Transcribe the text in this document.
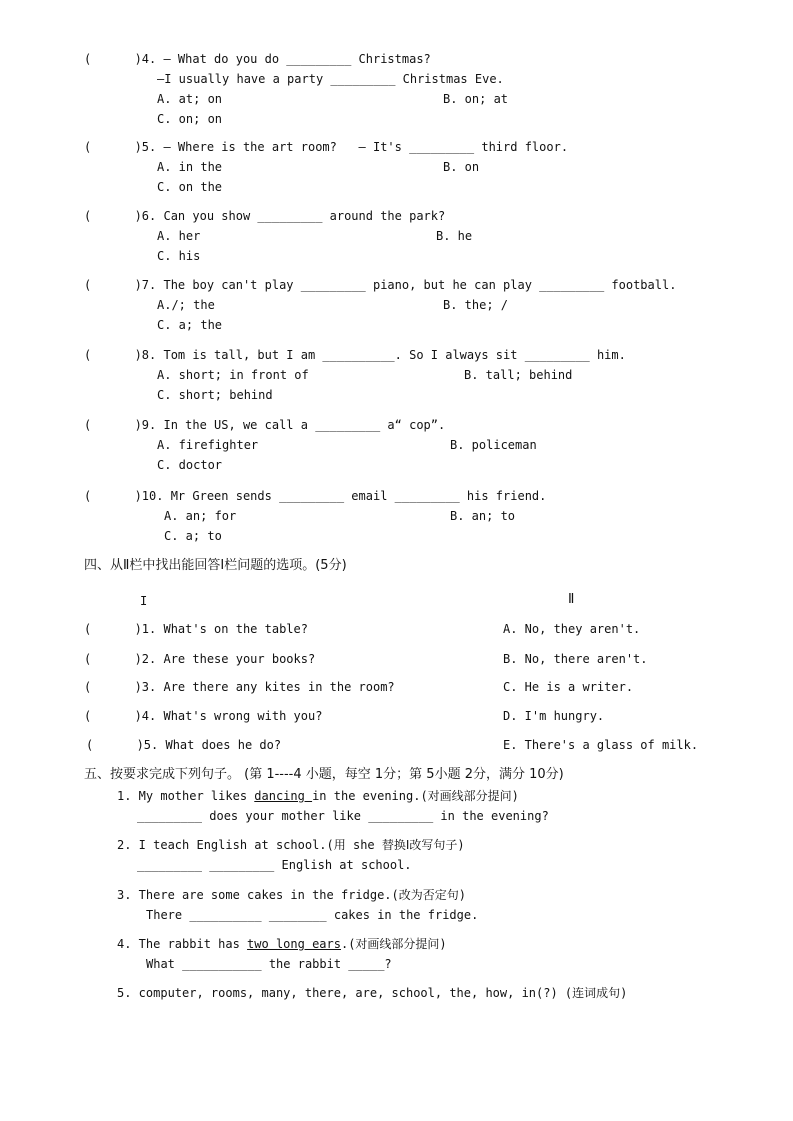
(      )4. — What do you do _________ Christmas?
—I usually have a party _________ Christmas Eve.
A. at; on	B. on; at
C. on; on
(      )5. — Where is the art room?   — It's _________ third floor.
A. in the	B. on
C. on the
(      )6. Can you show _________ around the park?
A. her	B. he
C. his
(      )7. The boy can't play _________ piano, but he can play _________ football.
A./; the	B. the; /
C. a; the
(      )8. Tom is tall, but I am __________. So I always sit _________ him.
A. short; in front of	B. tall; behind
C. short; behind
(      )9. In the US, we call a _________ a“ cop”.
A. firefighter	B. policeman
C. doctor
(      )10. Mr Green sends _________ email _________ his friend.
A. an; for	B. an; to
C. a; to
四、从Ⅱ栏中找出能回答Ⅰ栏问题的选项。(5分)
I	Ⅱ
(      )1. What's on the table?	A. No, they aren't.
(      )2. Are these your books?	B. No, there aren't.
(      )3. Are there any kites in the room?	C. He is a writer.
(      )4. What's wrong with you?	D. I'm hungry.
(      )5. What does he do?	E. There's a glass of milk.
五、按要求完成下列句子。 (第 1----4 小题，每空 1分；第 5小题 2分，满分 10分)
1. My mother likes dancing in the evening.(对画线部分提问)
_________ does your mother like _________ in the evening?
2. I teach English at school.(用 she 替换Ⅰ改写句子)
_________ _________ English at school.
3. There are some cakes in the fridge.(改为否定句)
There __________ ________ cakes in the fridge.
4. The rabbit has two long ears.(对画线部分提问)
What ___________ the rabbit _____?
5. computer, rooms, many, there, are, school, the, how, in(?) (连词成句)
